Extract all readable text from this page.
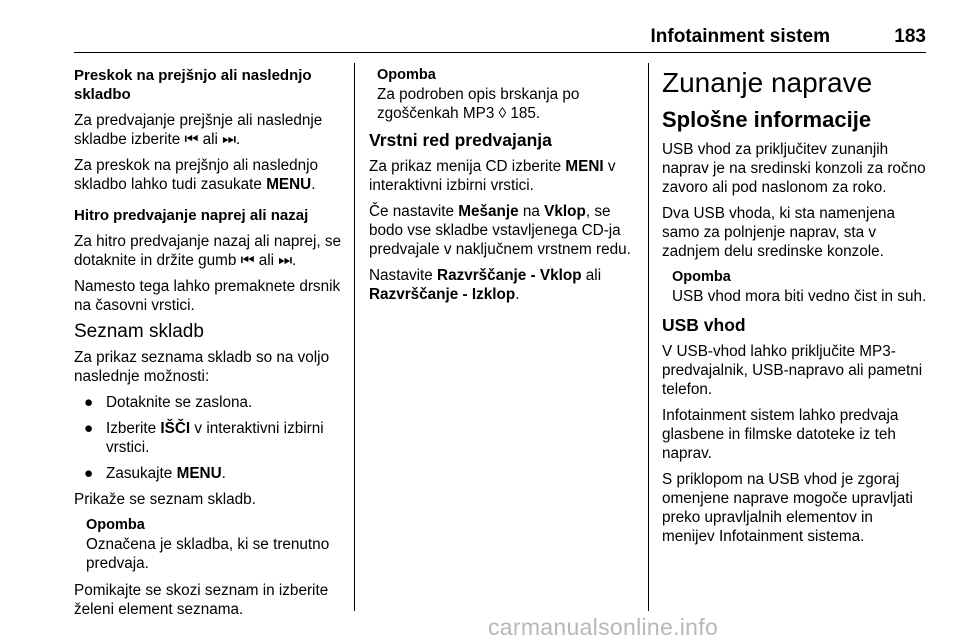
Infotainment sistem	183

Preskok na prejšnjo ali naslednjo skladbo

Za predvajanje prejšnje ali naslednje skladbe izberite ⏮ ali ⏭.

Za preskok na prejšnjo ali naslednjo skladbo lahko tudi zasukate MENU.

Hitro predvajanje naprej ali nazaj

Za hitro predvajanje nazaj ali naprej, se dotaknite in držite gumb ⏮ ali ⏭.

Namesto tega lahko premaknete drsnik na časovni vrstici.

Seznam skladb

Za prikaz seznama skladb so na voljo naslednje možnosti:

● Dotaknite se zaslona.
● Izberite IŠČI v interaktivni izbirni vrstici.
● Zasukajte MENU.

Prikaže se seznam skladb.

Opomba
Označena je skladba, ki se trenutno predvaja.

Pomikajte se skozi seznam in izberite želeni element seznama.

Opomba
Za podroben opis brskanja po zgoščenkah MP3 ◊ 185.

Vrstni red predvajanja

Za prikaz menija CD izberite MENI v interaktivni izbirni vrstici.

Če nastavite Mešanje na Vklop, se bodo vse skladbe vstavljenega CD-ja predvajale v naključnem vrstnem redu.

Nastavite Razvrščanje - Vklop ali Razvrščanje - Izklop.

Zunanje naprave

Splošne informacije

USB vhod za priključitev zunanjih naprav je na sredinski konzoli za ročno zavoro ali pod naslonom za roko.

Dva USB vhoda, ki sta namenjena samo za polnjenje naprav, sta v zadnjem delu sredinske konzole.

Opomba
USB vhod mora biti vedno čist in suh.

USB vhod

V USB-vhod lahko priključite MP3-predvajalnik, USB-napravo ali pametni telefon.

Infotainment sistem lahko predvaja glasbene in filmske datoteke iz teh naprav.

S priklopom na USB vhod je zgoraj omenjene naprave mogoče upravljati preko upravljalnih elementov in menijev Infotainment sistema.

carmanualsonline.info
